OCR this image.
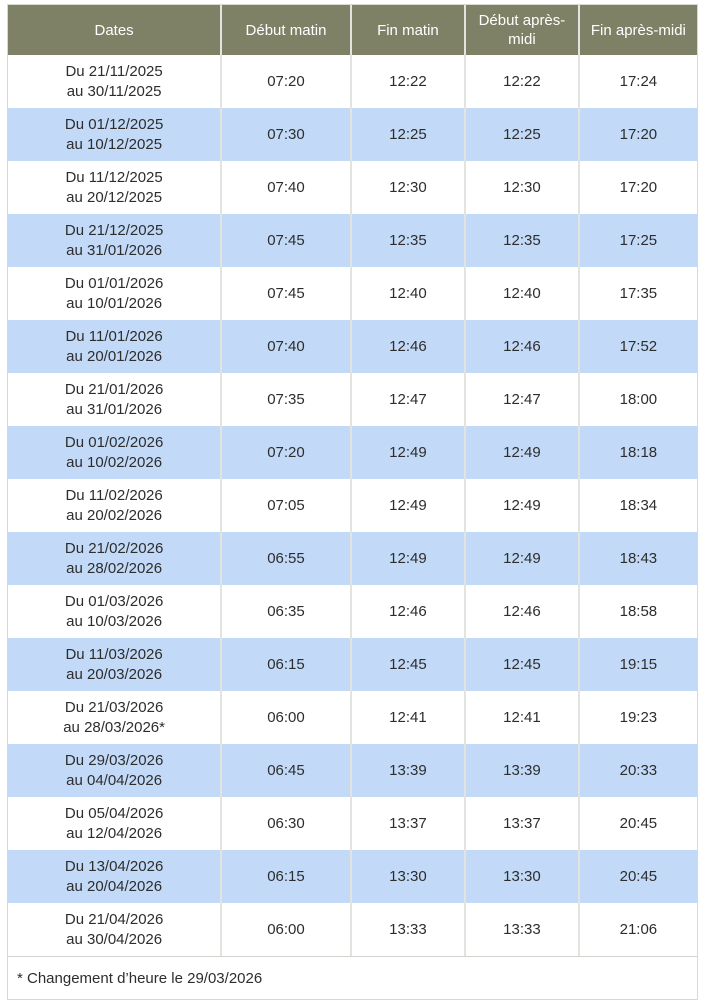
Dates	Début matin	Fin matin	Début après-midi	Fin après-midi

Du 21/11/2025
au 30/11/2025	07:20	12:22	12:22	17:24

Du 01/12/2025
au 10/12/2025	07:30	12:25	12:25	17:20

Du 11/12/2025
au 20/12/2025	07:40	12:30	12:30	17:20

Du 21/12/2025
au 31/01/2026	07:45	12:35	12:35	17:25

Du 01/01/2026
au 10/01/2026	07:45	12:40	12:40	17:35

Du 11/01/2026
au 20/01/2026	07:40	12:46	12:46	17:52

Du 21/01/2026
au 31/01/2026	07:35	12:47	12:47	18:00

Du 01/02/2026
au 10/02/2026	07:20	12:49	12:49	18:18

Du 11/02/2026
au 20/02/2026	07:05	12:49	12:49	18:34

Du 21/02/2026
au 28/02/2026	06:55	12:49	12:49	18:43

Du 01/03/2026
au 10/03/2026	06:35	12:46	12:46	18:58

Du 11/03/2026
au 20/03/2026	06:15	12:45	12:45	19:15

Du 21/03/2026
au 28/03/2026*	06:00	12:41	12:41	19:23

Du 29/03/2026
au 04/04/2026	06:45	13:39	13:39	20:33

Du 05/04/2026
au 12/04/2026	06:30	13:37	13:37	20:45

Du 13/04/2026
au 20/04/2026	06:15	13:30	13:30	20:45

Du 21/04/2026
au 30/04/2026	06:00	13:33	13:33	21:06
* Changement d’heure le 29/03/2026				
